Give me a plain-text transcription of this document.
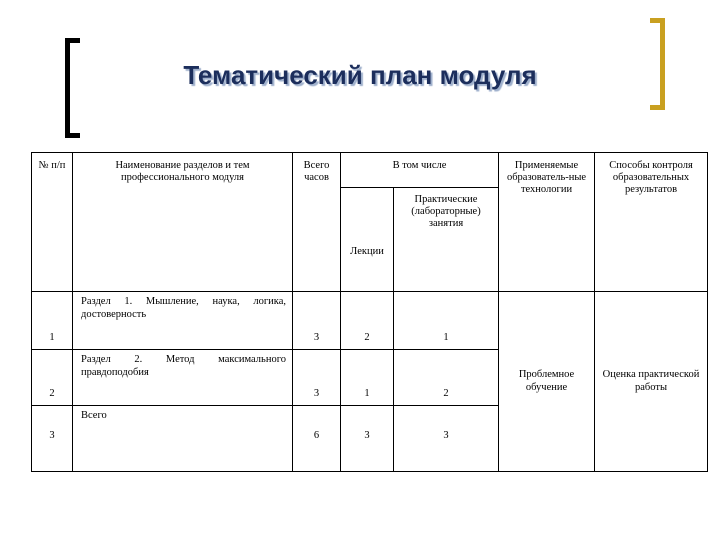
Тематический план модуля
№ п/п	Наименование разделов и тем профессионального модуля	Всего часов	В том числе		Применяемые образователь-ные технологии	Способы контроля образовательных результатов
			Лекции	Практические (лабораторные) занятия		
1	Раздел 1. Мышление, наука, логика, достоверность	3	2	1	Проблемное обучение	Оценка практической работы
2	Раздел 2. Метод максимального правдоподобия	3	1	2		
3	Всего	6	3	3		
